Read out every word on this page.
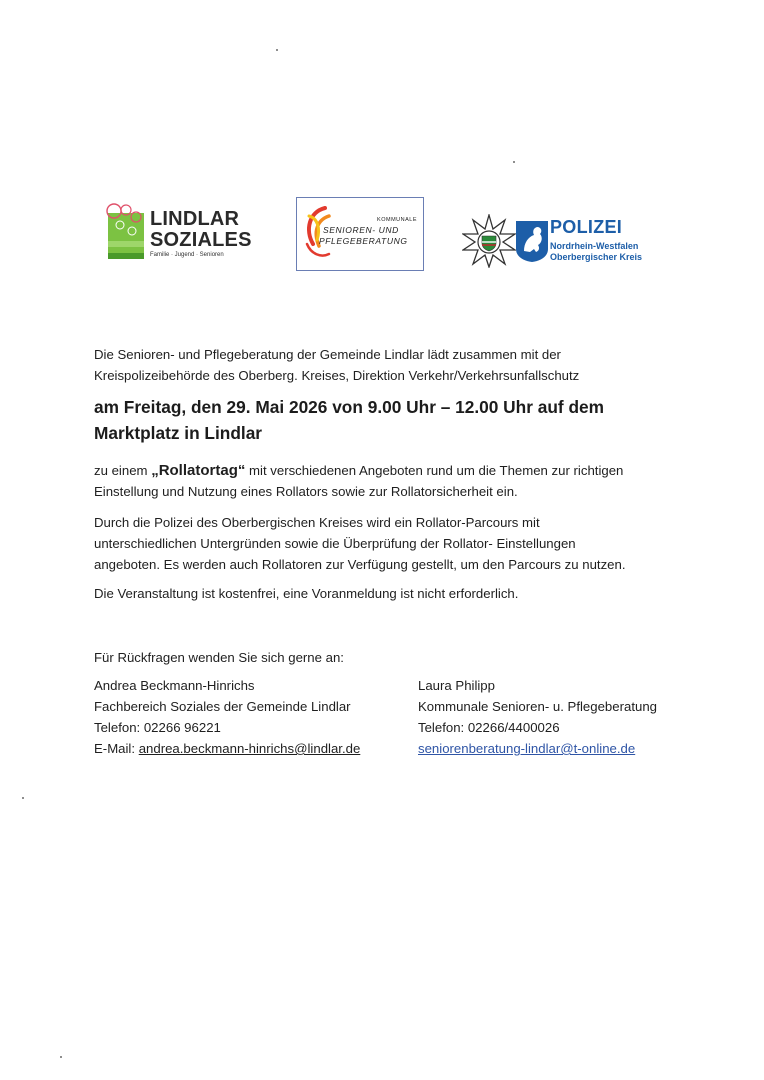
LINDLAR
SOZIALES
Familie · Jugend · Senioren
KOMMUNALE
SENIOREN- UND
PFLEGEBERATUNG
POLIZEI
Nordrhein-Westfalen
Oberbergischer Kreis
Die Senioren- und Pflegeberatung der Gemeinde Lindlar lädt zusammen mit der
Kreispolizeibehörde des Oberberg. Kreises, Direktion Verkehr/Verkehrsunfallschutz
am Freitag, den 29. Mai 2026 von 9.00 Uhr – 12.00 Uhr auf dem
Marktplatz in Lindlar
zu einem „Rollatortag“ mit verschiedenen Angeboten rund um die Themen zur richtigen
Einstellung und Nutzung eines Rollators sowie zur Rollatorsicherheit ein.
Durch die Polizei des Oberbergischen Kreises wird ein Rollator-Parcours mit
unterschiedlichen Untergründen sowie die Überprüfung der Rollator- Einstellungen
angeboten. Es werden auch Rollatoren zur Verfügung gestellt, um den Parcours zu nutzen.
Die Veranstaltung ist kostenfrei, eine Voranmeldung ist nicht erforderlich.
Für Rückfragen wenden Sie sich gerne an:
Andrea Beckmann-Hinrichs
Fachbereich Soziales der Gemeinde Lindlar
Telefon: 02266 96221
E-Mail: andrea.beckmann-hinrichs@lindlar.de
Laura Philipp
Kommunale Senioren- u. Pflegeberatung
Telefon: 02266/4400026
seniorenberatung-lindlar@t-online.de
